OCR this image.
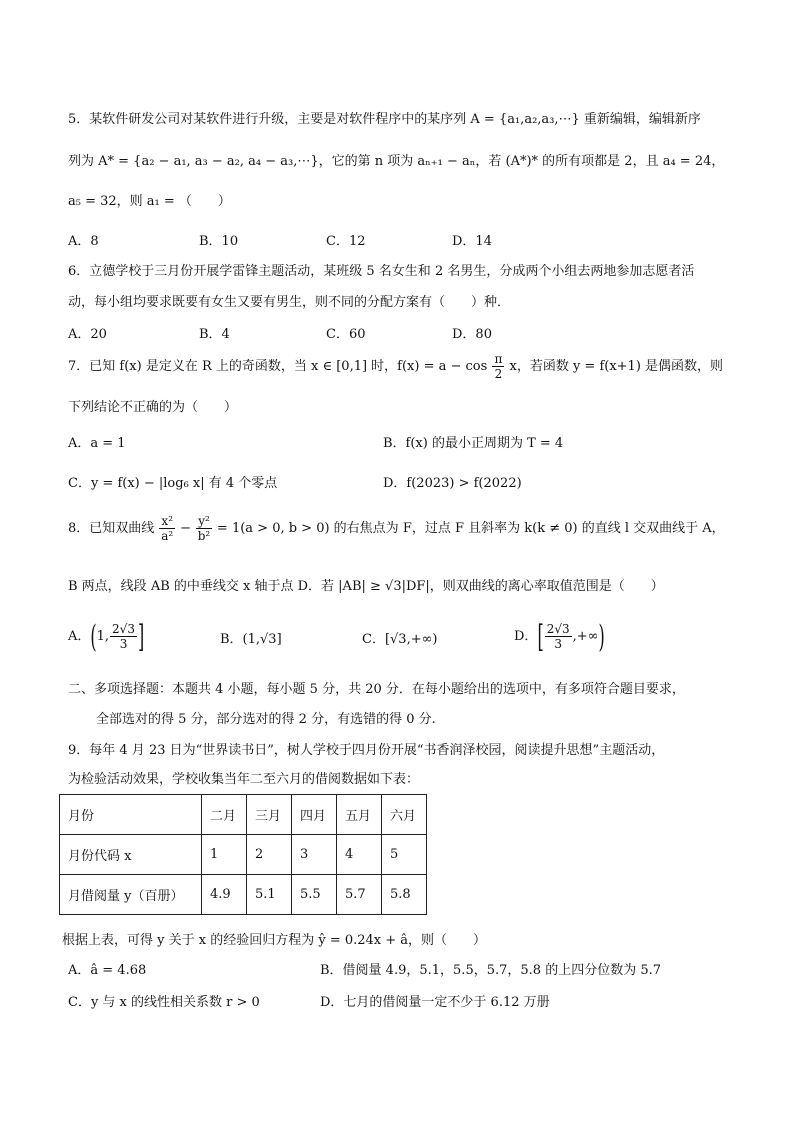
5．某软件研发公司对某软件进行升级，主要是对软件程序中的某序列 A = {a₁,a₂,a₃,⋯} 重新编辑，编辑新序
列为 A* = {a₂ − a₁, a₃ − a₂, a₄ − a₃,⋯}，它的第 n 项为 aₙ₊₁ − aₙ，若 (A*)* 的所有项都是 2，且 a₄ = 24，
a₅ = 32，则 a₁ = （　　）
A．8	B．10	C．12	D．14
6．立德学校于三月份开展学雷锋主题活动，某班级 5 名女生和 2 名男生，分成两个小组去两地参加志愿者活
动，每小组均要求既要有女生又要有男生，则不同的分配方案有（　　）种．
A．20	B．4	C．60	D．80
7．已知 f(x) 是定义在 R 上的奇函数，当 x ∈ [0,1] 时，$f(x) = a - \cos \frac{\pi}{2}$ x，若函数 y = f(x+1) 是偶函数，则
下列结论不正确的为（　　）
A．a = 1	B．f(x) 的最小正周期为 T = 4
C．y = f(x) − |log₆ x| 有 4 个零点	D．f(2023) > f(2022)
8．已知双曲线 $\frac{\text{x²}}{\text{a²}} - \frac{\text{y²}}{\text{b²}} = 1(a > 0$, b > 0) 的右焦点为 F，过点 F 且斜率为 k(k ≠ 0) 的直线 l 交双曲线于 A，
B 两点，线段 AB 的中垂线交 x 轴于点 D．若 |AB| ≥ √3|DF|，则双曲线的离心率取值范围是（　　）
A．(1, $\frac{2√3}{3}$ ]	B．(1,√3]	C．[√3,+∞)	D．[ $\frac{2√3}{3}$ ,+∞)
二、多项选择题：本题共 4 小题，每小题 5 分，共 20 分．在每小题给出的选项中，有多项符合题目要求，
全部选对的得 5 分，部分选对的得 2 分，有选错的得 0 分.
9．每年 4 月 23 日为“世界读书日”，树人学校于四月份开展“书香润泽校园，阅读提升思想”主题活动，
为检验活动效果，学校收集当年二至六月的借阅数据如下表：
月份	二月	三月	四月	五月	六月
月份代码 x	1	2	3	4	5
月借阅量 y（百册）	4.9	5.1	5.5	5.7	5.8
根据上表，可得 y 关于 x 的经验回归方程为 ŷ = 0.24x + â，则（　　）
A．â = 4.68	B．借阅量 4.9，5.1，5.5，5.7，5.8 的上四分位数为 5.7
C．y 与 x 的线性相关系数 r > 0	D．七月的借阅量一定不少于 6.12 万册
